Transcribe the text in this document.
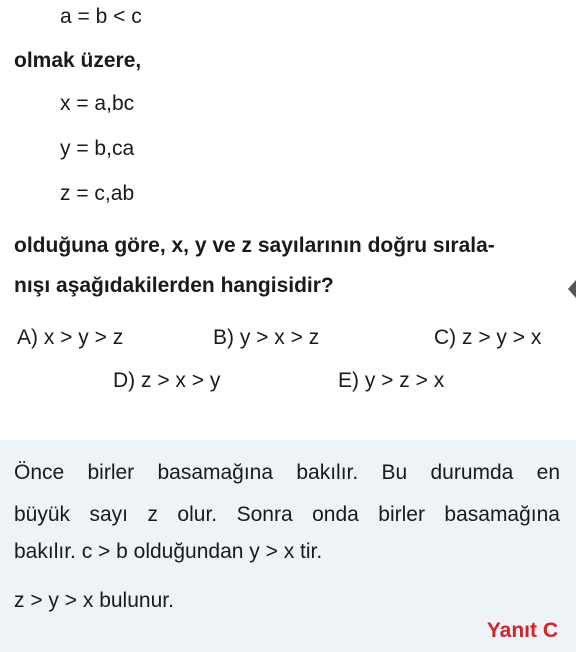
a = b < c
olmak üzere,
x = a,bc
y = b,ca
z = c,ab
olduğuna göre, x, y ve z sayılarının doğru sırala-
nışı aşağıdakilerden hangisidir?
A) x > y > z	B) y > x > z	C) z > y > x
D) z > x > y	E) y > z > x
Önce birler basamağına bakılır. Bu durumda en
büyük sayı z olur. Sonra onda birler basamağına
bakılır. c > b olduğundan y > x tir.
z > y > x bulunur.
Yanıt C
